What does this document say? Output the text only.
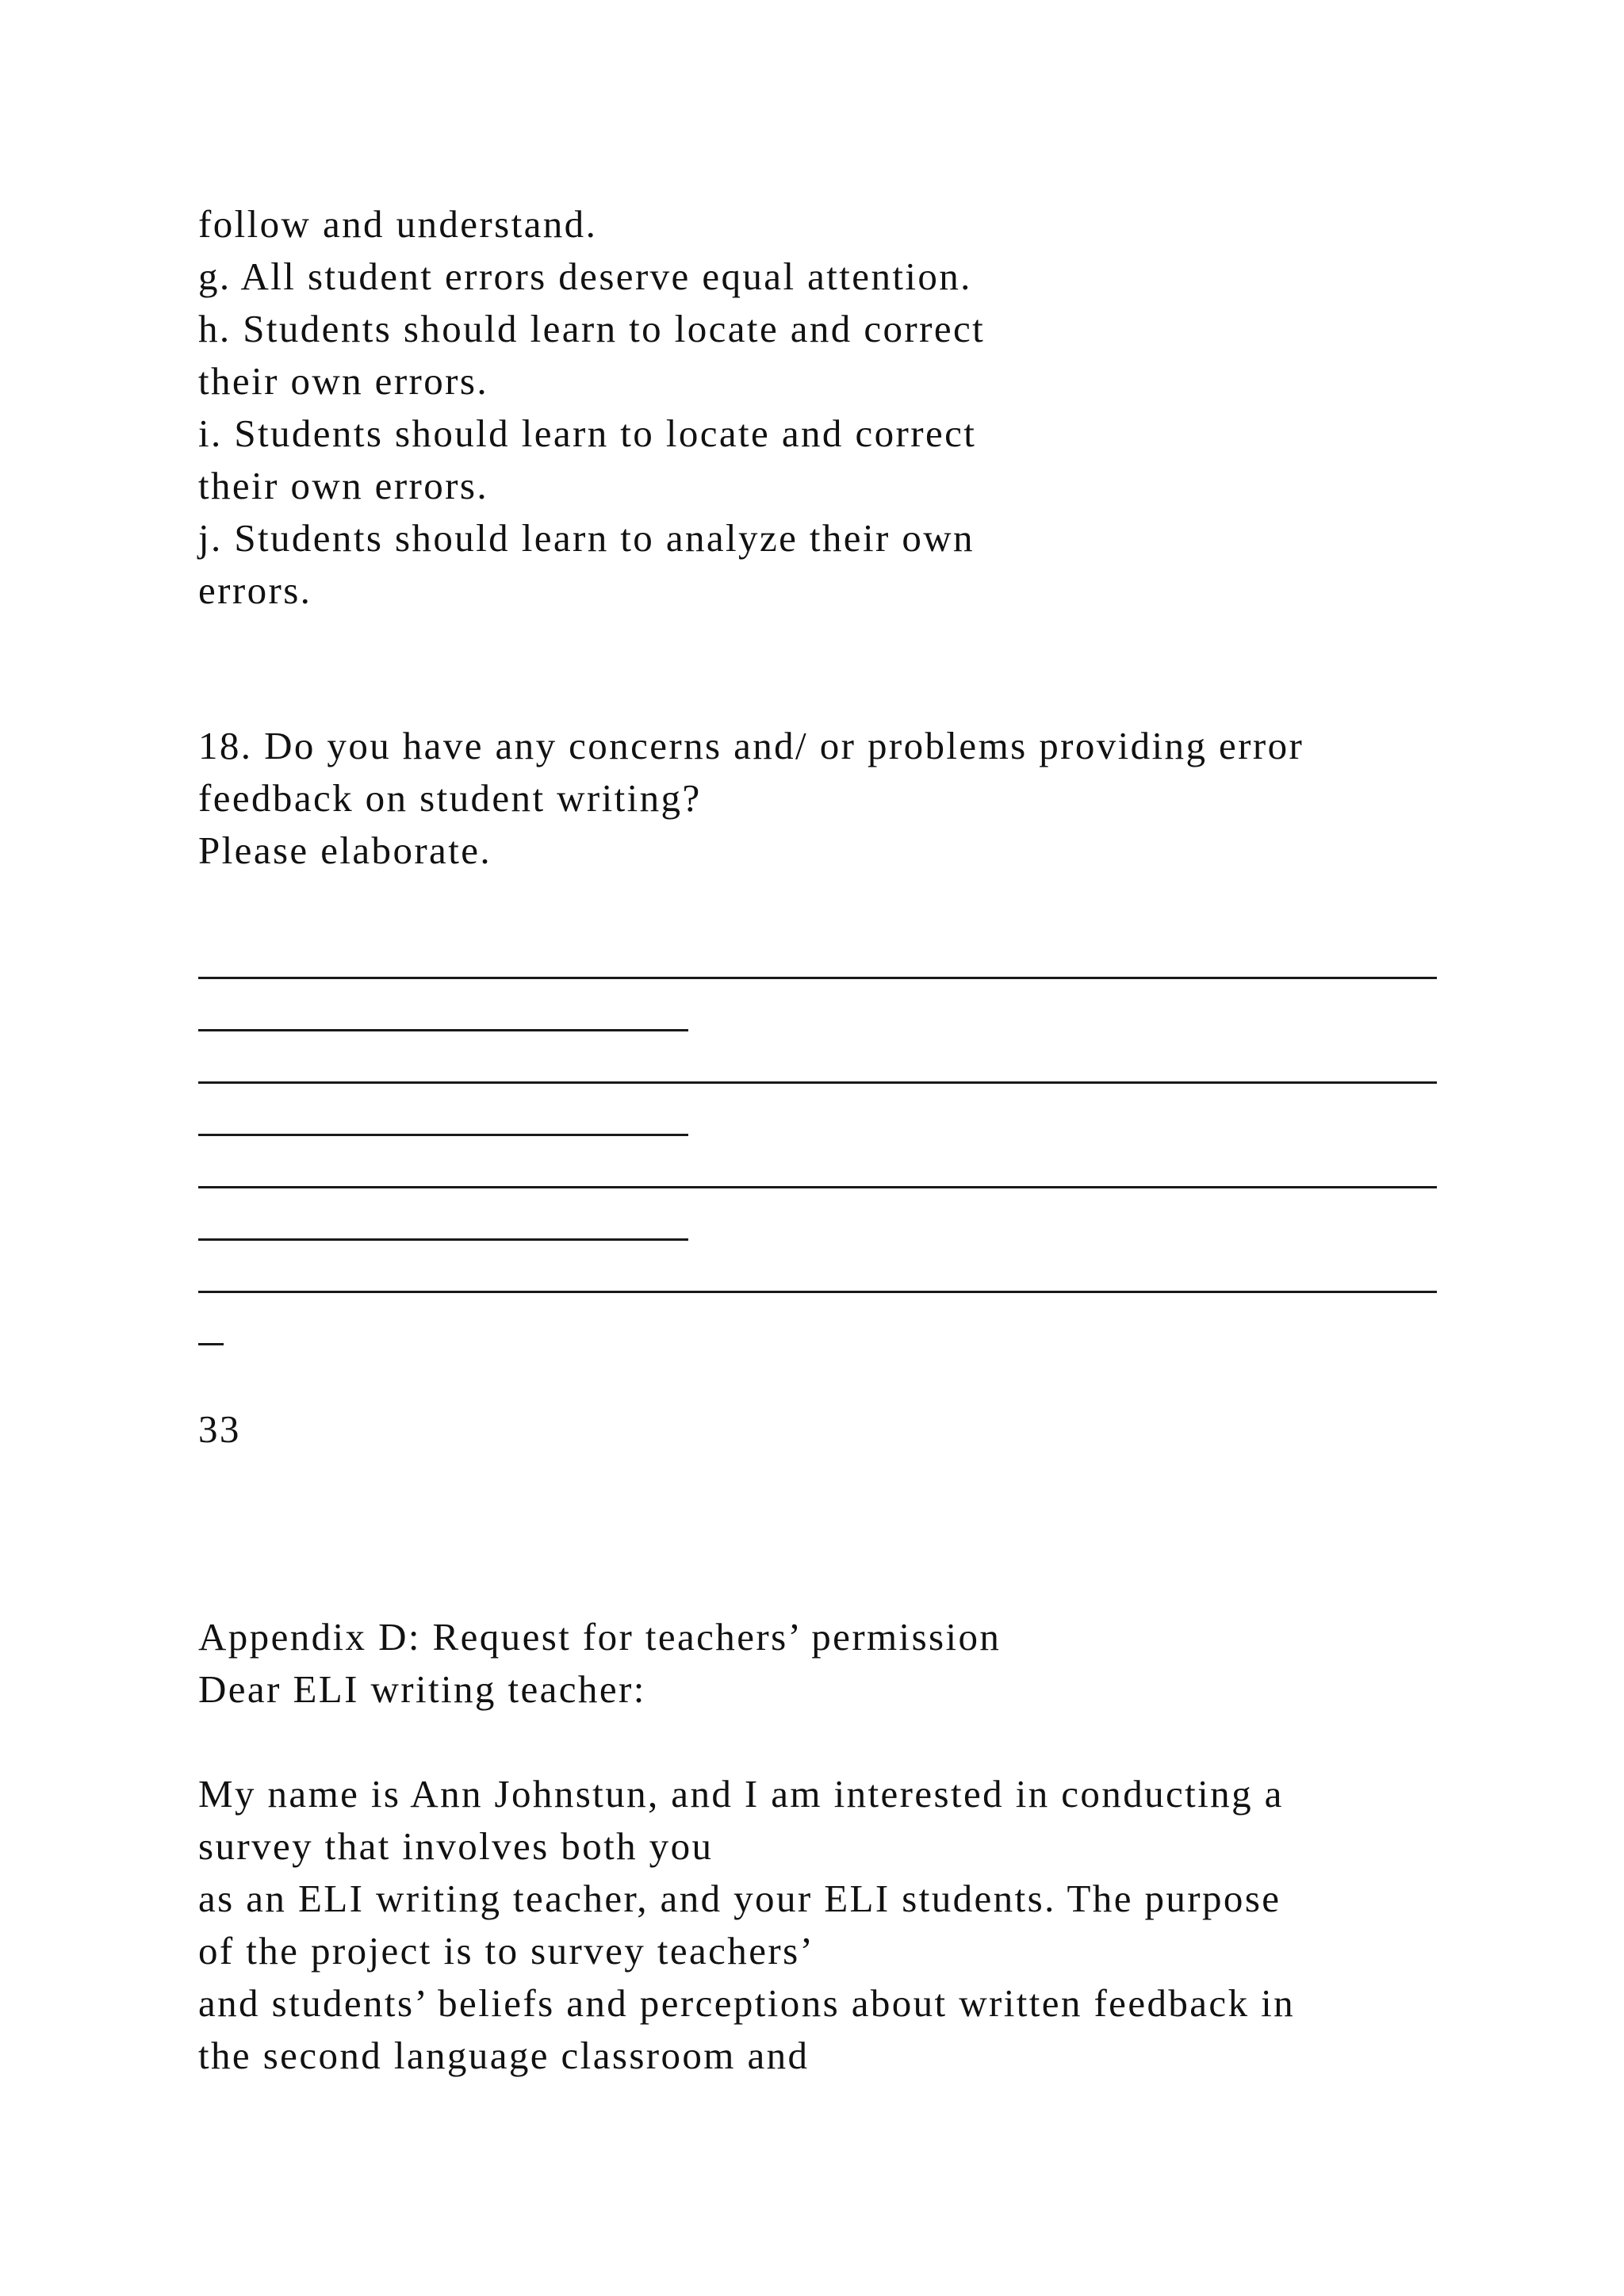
follow and understand.

g. All student errors deserve equal attention.

h. Students should learn to locate and correct

their own errors.

i. Students should learn to locate and correct

their own errors.

j. Students should learn to analyze their own

errors.

18. Do you have any concerns and/ or problems providing error

feedback on student writing?

Please elaborate.

33

Appendix D: Request for teachers’ permission

Dear ELI writing teacher:

My name is Ann Johnstun, and I am interested in conducting a

survey that involves both you

as an ELI writing teacher, and your ELI students. The purpose

of the project is to survey teachers’

and students’ beliefs and perceptions about written feedback in

the second language classroom and
